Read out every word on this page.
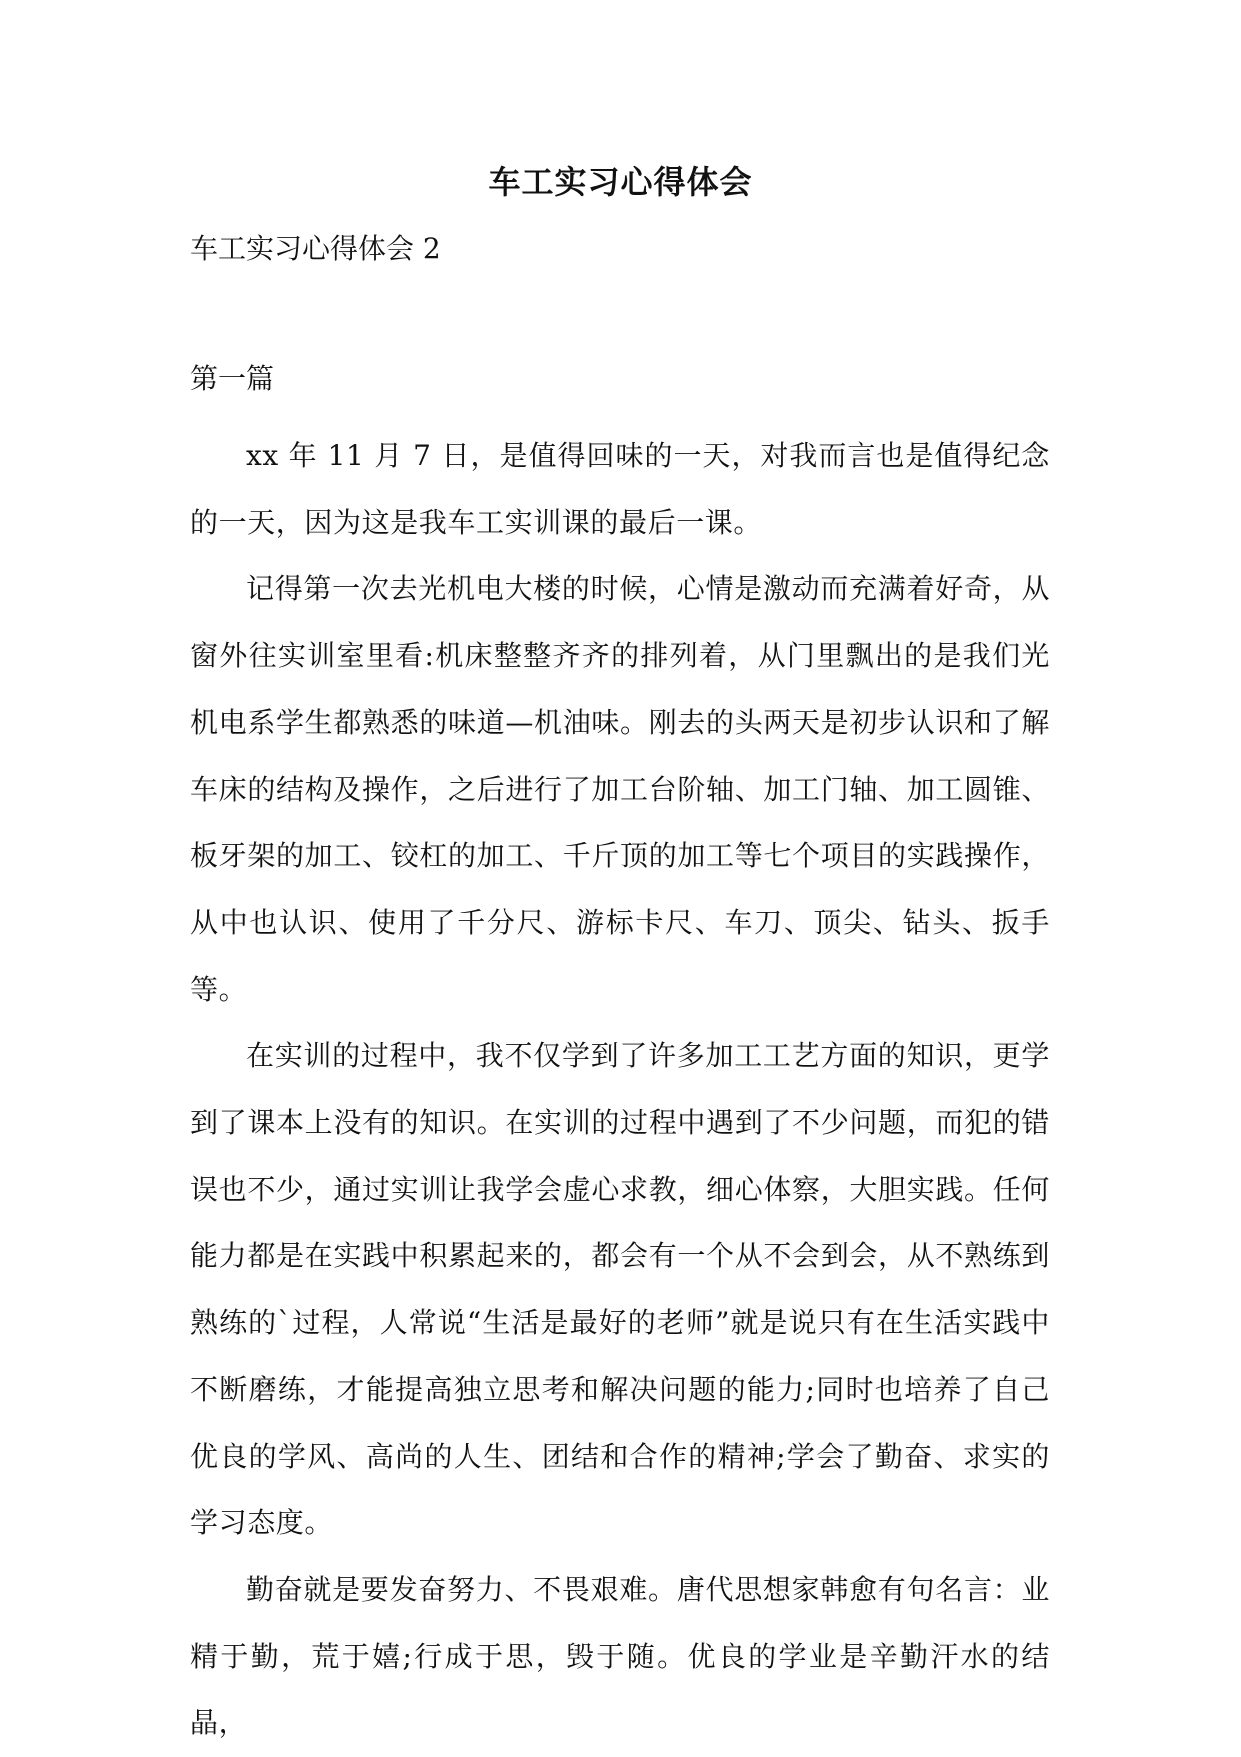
车工实习心得体会
车工实习心得体会 2
第一篇

xx 年 11 月 7 日，是值得回味的一天，对我而言也是值得纪念的一天，因为这是我车工实训课的最后一课。

记得第一次去光机电大楼的时候，心情是激动而充满着好奇，从窗外往实训室里看:机床整整齐齐的排列着，从门里飘出的是我们光机电系学生都熟悉的味道—机油味。刚去的头两天是初步认识和了解车床的结构及操作，之后进行了加工台阶轴、加工门轴、加工圆锥、板牙架的加工、铰杠的加工、千斤顶的加工等七个项目的实践操作，从中也认识、使用了千分尺、游标卡尺、车刀、顶尖、钻头、扳手等。

在实训的过程中，我不仅学到了许多加工工艺方面的知识，更学到了课本上没有的知识。在实训的过程中遇到了不少问题，而犯的错误也不少，通过实训让我学会虚心求教，细心体察，大胆实践。任何能力都是在实践中积累起来的，都会有一个从不会到会，从不熟练到熟练的`过程，人常说“生活是最好的老师”就是说只有在生活实践中不断磨练，才能提高独立思考和解决问题的能力;同时也培养了自己优良的学风、高尚的人生、团结和合作的精神;学会了勤奋、求实的学习态度。

勤奋就是要发奋努力、不畏艰难。唐代思想家韩愈有句名言：业精于勤，荒于嬉;行成于思，毁于随。优良的学业是辛勤汗水的结晶，
